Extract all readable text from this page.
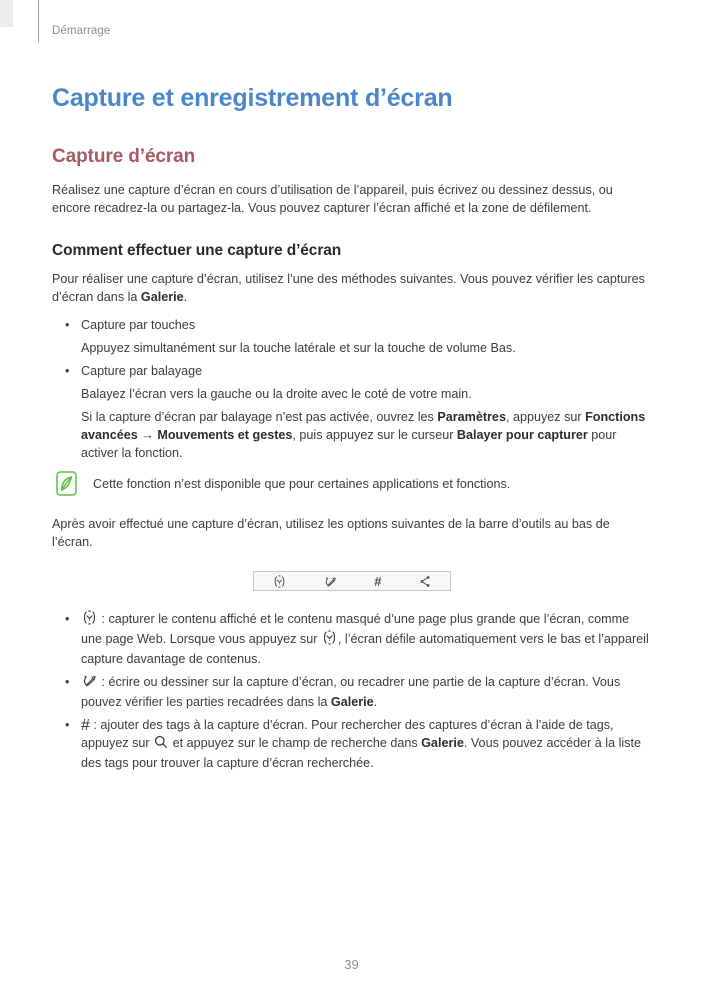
Démarrage
Capture et enregistrement d’écran
Capture d’écran

Réalisez une capture d’écran en cours d’utilisation de l’appareil, puis écrivez ou dessinez dessus, ou encore recadrez-la ou partagez-la. Vous pouvez capturer l’écran affiché et la zone de défilement.

Comment effectuer une capture d’écran

Pour réaliser une capture d’écran, utilisez l’une des méthodes suivantes. Vous pouvez vérifier les captures d’écran dans la Galerie.

• Capture par touches

Appuyez simultanément sur la touche latérale et sur la touche de volume Bas.

• Capture par balayage

Balayez l’écran vers la gauche ou la droite avec le coté de votre main.

Si la capture d’écran par balayage n’est pas activée, ouvrez les Paramètres, appuyez sur Fonctions avancées → Mouvements et gestes, puis appuyez sur le curseur Balayer pour capturer pour activer la fonction.

Cette fonction n’est disponible que pour certaines applications et fonctions.

Après avoir effectué une capture d’écran, utilisez les options suivantes de la barre d’outils au bas de l’écran.

#
•	: capturer le contenu affiché et le contenu masqué d’une page plus grande que l’écran, comme une page Web. Lorsque vous appuyez sur , l’écran défile automatiquement vers le bas et l’appareil capture davantage de contenus.
•	: écrire ou dessiner sur la capture d’écran, ou recadrer une partie de la capture d’écran. Vous pouvez vérifier les parties recadrées dans la Galerie.
• # : ajouter des tags à la capture d’écran. Pour rechercher des captures d’écran à l’aide de tags, appuyez sur  et appuyez sur le champ de recherche dans Galerie. Vous pouvez accéder à la liste des tags pour trouver la capture d’écran recherchée.
39
